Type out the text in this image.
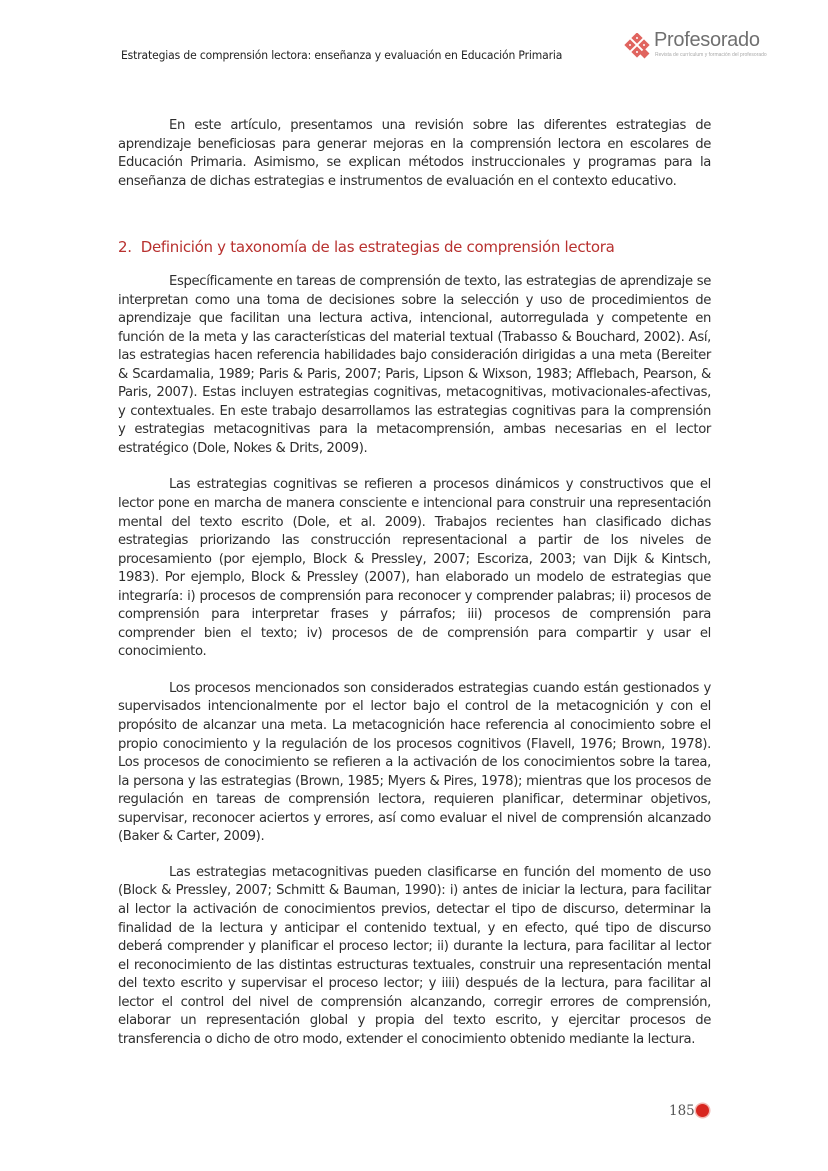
Estrategias de comprensión lectora: enseñanza y evaluación en Educación Primaria
Profesorado
Revista de currículum y formación del profesorado

En este artículo, presentamos una revisión sobre las diferentes estrategias de aprendizaje beneficiosas para generar mejoras en la comprensión lectora en escolares de Educación Primaria. Asimismo, se explican métodos instruccionales y programas para la enseñanza de dichas estrategias e instrumentos de evaluación en el contexto educativo.

2. Definición y taxonomía de las estrategias de comprensión lectora

Específicamente en tareas de comprensión de texto, las estrategias de aprendizaje se interpretan como una toma de decisiones sobre la selección y uso de procedimientos de aprendizaje que facilitan una lectura activa, intencional, autorregulada y competente en función de la meta y las características del material textual (Trabasso & Bouchard, 2002). Así, las estrategias hacen referencia habilidades bajo consideración dirigidas a una meta (Bereiter & Scardamalia, 1989; Paris & Paris, 2007; Paris, Lipson & Wixson, 1983; Afflebach, Pearson, & Paris, 2007). Estas incluyen estrategias cognitivas, metacognitivas, motivacionales-afectivas, y contextuales. En este trabajo desarrollamos las estrategias cognitivas para la comprensión y estrategias metacognitivas para la metacomprensión, ambas necesarias en el lector estratégico (Dole, Nokes & Drits, 2009).

Las estrategias cognitivas se refieren a procesos dinámicos y constructivos que el lector pone en marcha de manera consciente e intencional para construir una representación mental del texto escrito (Dole, et al. 2009). Trabajos recientes han clasificado dichas estrategias priorizando las construcción representacional a partir de los niveles de procesamiento (por ejemplo, Block & Pressley, 2007; Escoriza, 2003; van Dijk & Kintsch, 1983). Por ejemplo, Block & Pressley (2007), han elaborado un modelo de estrategias que integraría: i) procesos de comprensión para reconocer y comprender palabras; ii) procesos de comprensión para interpretar frases y párrafos; iii) procesos de comprensión para comprender bien el texto; iv) procesos de de comprensión para compartir y usar el conocimiento.

Los procesos mencionados son considerados estrategias cuando están gestionados y supervisados intencionalmente por el lector bajo el control de la metacognición y con el propósito de alcanzar una meta. La metacognición hace referencia al conocimiento sobre el propio conocimiento y la regulación de los procesos cognitivos (Flavell, 1976; Brown, 1978). Los procesos de conocimiento se refieren a la activación de los conocimientos sobre la tarea, la persona y las estrategias (Brown, 1985; Myers & Pires, 1978); mientras que los procesos de regulación en tareas de comprensión lectora, requieren planificar, determinar objetivos, supervisar, reconocer aciertos y errores, así como evaluar el nivel de comprensión alcanzado (Baker & Carter, 2009).

Las estrategias metacognitivas pueden clasificarse en función del momento de uso (Block & Pressley, 2007; Schmitt & Bauman, 1990): i) antes de iniciar la lectura, para facilitar al lector la activación de conocimientos previos, detectar el tipo de discurso, determinar la finalidad de la lectura y anticipar el contenido textual, y en efecto, qué tipo de discurso deberá comprender y planificar el proceso lector; ii) durante la lectura, para facilitar al lector el reconocimiento de las distintas estructuras textuales, construir una representación mental del texto escrito y supervisar el proceso lector; y iiii) después de la lectura, para facilitar al lector el control del nivel de comprensión alcanzando, corregir errores de comprensión, elaborar un representación global y propia del texto escrito, y ejercitar procesos de transferencia o dicho de otro modo, extender el conocimiento obtenido mediante la lectura.

185
